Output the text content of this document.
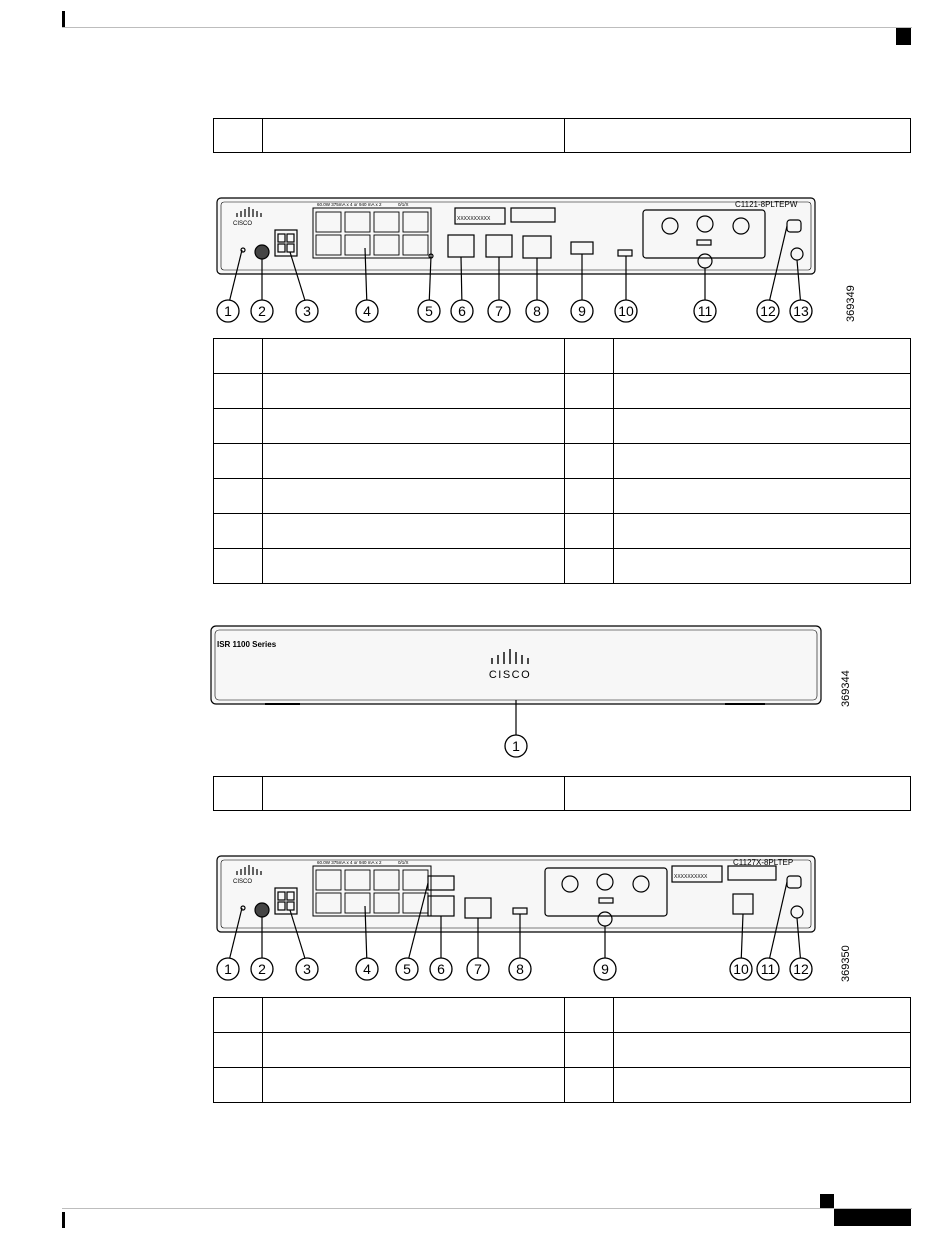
CISCO
60.0W 375mA x 4 or 940 mA x 2	0/1/X
XXXXXXXXXX
C1121-8PLTEPW
1 2	3	4	5 6 7 8	9 10	11	12 13	369349

ISR 1100 Series
CISCO
1
369344

CISCO
60.0W 375mA x 4 or 940 mA x 2	0/1/X
XXXXXXXXXX
C1127X-8PLTEP
1 2	3	4 5 6 7 8	9	10 11 12	369350
